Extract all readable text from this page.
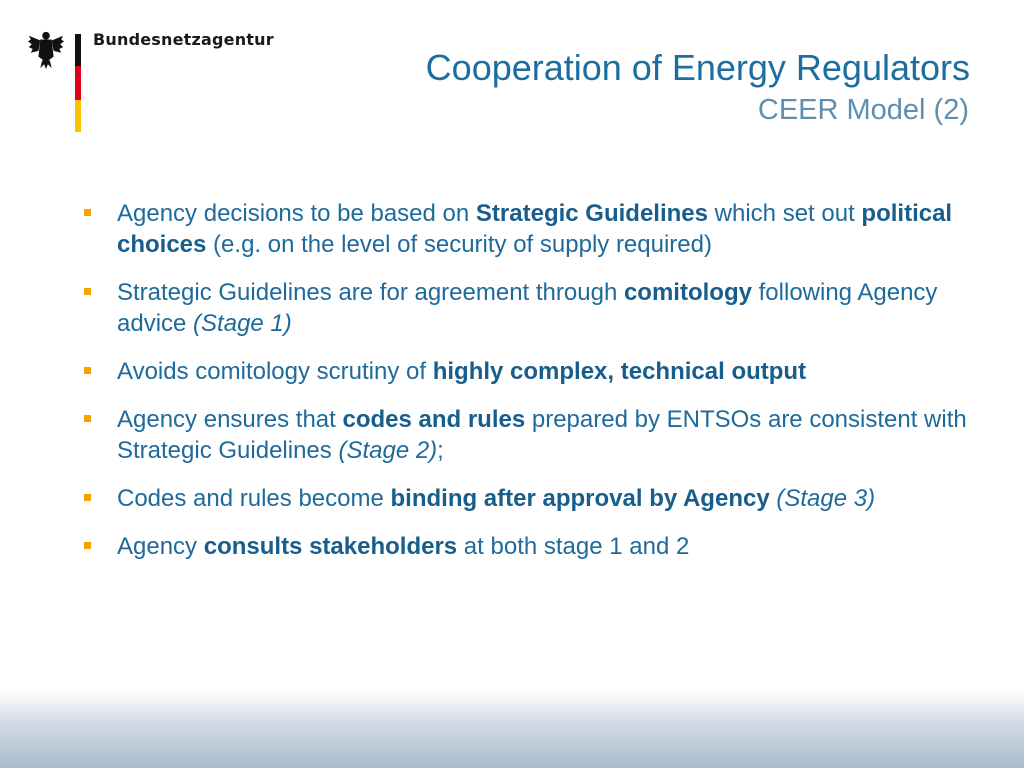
Bundesnetzagentur
Cooperation of Energy Regulators
CEER Model (2)
Agency decisions to be based on Strategic Guidelines which set out political choices (e.g. on the level of security of supply required)
Strategic Guidelines are for agreement through comitology following Agency advice (Stage 1)
Avoids comitology scrutiny of highly complex, technical output
Agency ensures that codes and rules prepared by ENTSOs are consistent with Strategic Guidelines (Stage 2);
Codes and rules become binding after approval by Agency (Stage 3)
Agency consults stakeholders at both stage 1 and 2
